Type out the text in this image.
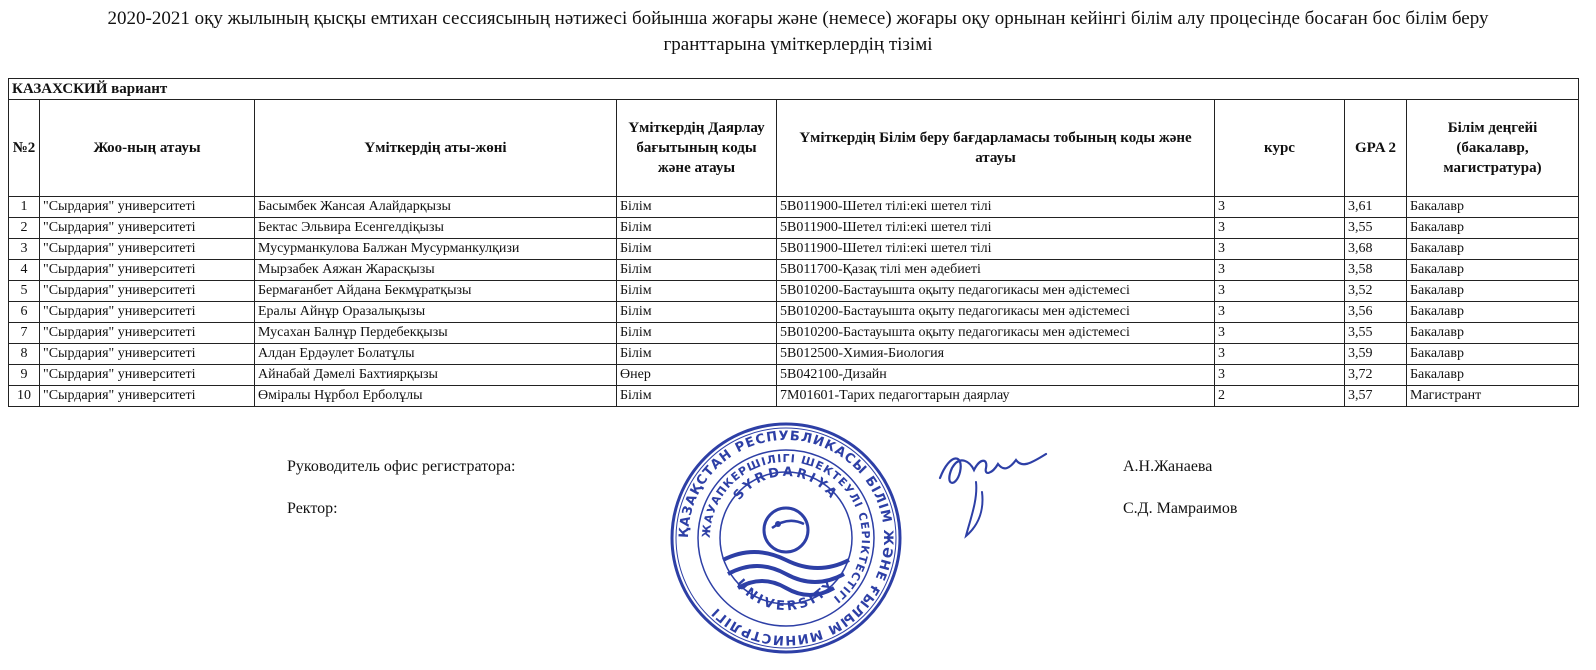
2020-2021 оқу жылының қысқы емтихан сессиясының нәтижесі бойынша жоғары және (немесе) жоғары оқу орнынан кейінгі білім алу процесінде босаған бос білім беру
гранттарына үміткерлердің тізімі
КАЗАХСКИЙ вариант							
№2	Жоо-ның атауы	Үміткердің аты-жөні	Үміткердің Даярлау бағытының коды және атауы	Үміткердің Білім беру бағдарламасы тобының коды және атауы	курс	GPA 2	Білім деңгейі (бакалавр, магистратура)
1	"Сырдария" университеті	Басымбек Жансая Алайдарқызы	Білім	5В011900-Шетел тілі:екі шетел тілі	3	3,61	Бакалавр
2	"Сырдария" университеті	Бектас Эльвира Есенгелдіқызы	Білім	5В011900-Шетел тілі:екі шетел тілі	3	3,55	Бакалавр
3	"Сырдария" университеті	Мусурманкулова Балжан Мусурманкулқизи	Білім	5В011900-Шетел тілі:екі шетел тілі	3	3,68	Бакалавр
4	"Сырдария" университеті	Мырзабек Аяжан Жарасқызы	Білім	5В011700-Қазақ тілі мен әдебиеті	3	3,58	Бакалавр
5	"Сырдария" университеті	Бермағанбет Айдана Бекмұратқызы	Білім	5В010200-Бастауышта оқыту педагогикасы мен әдістемесі	3	3,52	Бакалавр
6	"Сырдария" университеті	Ералы Айнұр Оразалықызы	Білім	5В010200-Бастауышта оқыту педагогикасы мен әдістемесі	3	3,56	Бакалавр
7	"Сырдария" университеті	Мусахан Балнұр Пердебекқызы	Білім	5В010200-Бастауышта оқыту педагогикасы мен әдістемесі	3	3,55	Бакалавр
8	"Сырдария" университеті	Алдан Ердәулет Болатұлы	Білім	5В012500-Химия-Биология	3	3,59	Бакалавр
9	"Сырдария" университеті	Айнабай Дәмелі Бахтиярқызы	Өнер	5В042100-Дизайн	3	3,72	Бакалавр
10	"Сырдария" университеті	Өміралы Нұрбол Ерболұлы	Білім	7М01601-Тарих педагогтарын даярлау	2	3,57	Магистрант
Руководитель офис регистратора:	А.Н.Жанаева
Ректор:	С.Д. Мамраимов
ҚАЗАҚСТАН РЕСПУБЛИКАСЫ БІЛІМ ЖӘНЕ ҒЫЛЫМ МИНИСТРЛІГІ
ЖАУАПКЕРШІЛІГІ ШЕКТЕУЛІ СЕРІКТЕСТІГІ
SYRDARIYA
UNIVERSITY
